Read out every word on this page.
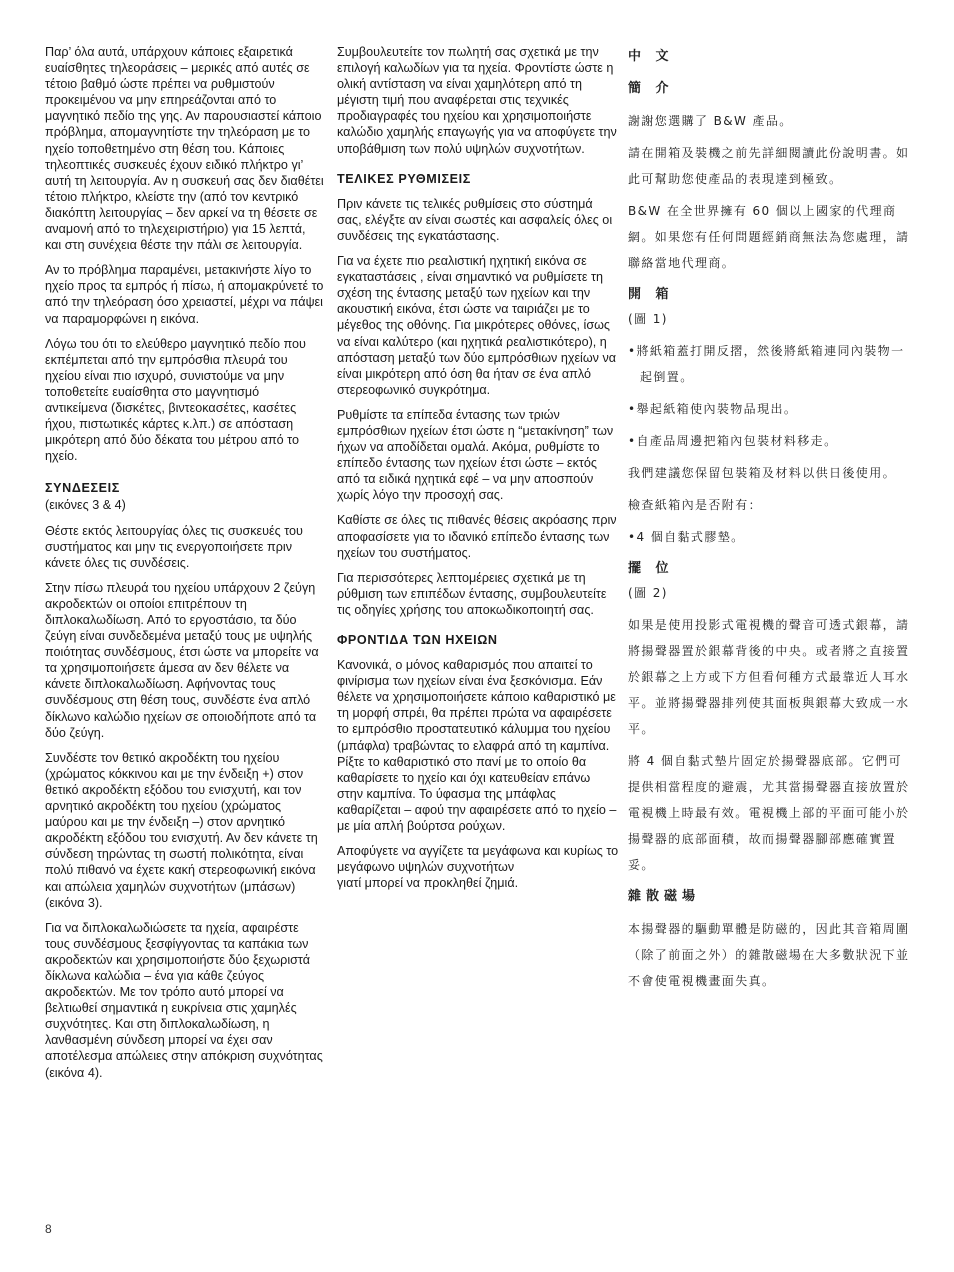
Παρ’ όλα αυτά, υπάρχουν κάποιες εξαιρετικά ευαίσθητες τηλεοράσεις – μερικές από αυτές σε τέτοιο βαθμό ώστε πρέπει να ρυθμιστούν προκειμένου να μην επηρεάζονται από το μαγνητικό πεδίο της γης. Αν παρουσιαστεί κάποιο πρόβλημα, απομαγνητίστε την τηλεόραση με το ηχείο τοποθετημένο στη θέση του. Κάποιες τηλεοπτικές συσκευές έχουν ειδικό πλήκτρο γι’ αυτή τη λειτουργία. Αν η συσκευή σας δεν διαθέτει τέτοιο πλήκτρο, κλείστε την (από τον κεντρικό διακόπτη λειτουργίας – δεν αρκεί να τη θέσετε σε αναμονή από το τηλεχειριστήριο) για 15 λεπτά, και στη συνέχεια θέστε την πάλι σε λειτουργία.

Αν το πρόβλημα παραμένει, μετακινήστε λίγο το ηχείο προς τα εμπρός ή πίσω, ή απομακρύνετέ το από την τηλεόραση όσο χρειαστεί, μέχρι να πάψει να παραμορφώνει η εικόνα.

Λόγω του ότι το ελεύθερο μαγνητικό πεδίο που εκπέμπεται από την εμπρόσθια πλευρά του ηχείου είναι πιο ισχυρό, συνιστούμε να μην τοποθετείτε ευαίσθητα στο μαγνητισμό αντικείμενα (δισκέτες, βιντεοκασέτες, κασέτες ήχου, πιστωτικές κάρτες κ.λπ.) σε απόσταση μικρότερη από δύο δέκατα του μέτρου από το ηχείο.

ΣΥΝΔΕΣΕΙΣ

(εικόνες 3 & 4)

Θέστε εκτός λειτουργίας όλες τις συσκευές του συστήματος και μην τις ενεργοποιήσετε πριν κάνετε όλες τις συνδέσεις.

Στην πίσω πλευρά του ηχείου υπάρχουν 2 ζεύγη ακροδεκτών οι οποίοι επιτρέπουν τη διπλοκαλωδίωση. Από το εργοστάσιο, τα δύο ζεύγη είναι συνδεδεμένα μεταξύ τους με υψηλής ποιότητας συνδέσμους, έτσι ώστε να μπορείτε να τα χρησιμοποιήσετε άμεσα αν δεν θέλετε να κάνετε διπλοκαλωδίωση. Αφήνοντας τους συνδέσμους στη θέση τους, συνδέστε ένα απλό δίκλωνο καλώδιο ηχείων σε οποιοδήποτε από τα δύο ζεύγη.

Συνδέστε τον θετικό ακροδέκτη του ηχείου (χρώματος κόκκινου και με την ένδειξη +) στον θετικό ακροδέκτη εξόδου του ενισχυτή, και τον αρνητικό ακροδέκτη του ηχείου (χρώματος μαύρου και με την ένδειξη –) στον αρνητικό ακροδέκτη εξόδου του ενισχυτή. Αν δεν κάνετε τη σύνδεση τηρώντας τη σωστή πολικότητα, είναι πολύ πιθανό να έχετε κακή στερεοφωνική εικόνα και απώλεια χαμηλών συχνοτήτων (μπάσων) (εικόνα 3).

Για να διπλοκαλωδιώσετε τα ηχεία, αφαιρέστε τους συνδέσμους ξεσφίγγοντας τα καπάκια των ακροδεκτών και χρησιμοποιήστε δύο ξεχωριστά δίκλωνα καλώδια – ένα για κάθε ζεύγος ακροδεκτών. Με τον τρόπο αυτό μπορεί να βελτιωθεί σημαντικά η ευκρίνεια στις χαμηλές συχνότητες. Και στη διπλοκαλωδίωση, η λανθασμένη σύνδεση μπορεί να έχει σαν αποτέλεσμα απώλειες στην απόκριση συχνότητας (εικόνα 4).

Συμβουλευτείτε τον πωλητή σας σχετικά με την επιλογή καλωδίων για τα ηχεία. Φροντίστε ώστε η ολική αντίσταση να είναι χαμηλότερη από τη μέγιστη τιμή που αναφέρεται στις τεχνικές προδιαγραφές του ηχείου και χρησιμοποιήστε καλώδιο χαμηλής επαγωγής για να αποφύγετε την υποβάθμιση των πολύ υψηλών συχνοτήτων.

ΤΕΛΙΚΕΣ ΡΥΘΜΙΣΕΙΣ

Πριν κάνετε τις τελικές ρυθμίσεις στο σύστημά σας, ελέγξτε αν είναι σωστές και ασφαλείς όλες οι συνδέσεις της εγκατάστασης.

Για να έχετε πιο ρεαλιστική ηχητική εικόνα σε εγκαταστάσεις , είναι σημαντικό να ρυθμίσετε τη σχέση της έντασης μεταξύ των ηχείων και την ακουστική εικόνα, έτσι ώστε να ταιριάζει με το μέγεθος της οθόνης. Για μικρότερες οθόνες, ίσως να είναι καλύτερο (και ηχητικά ρεαλιστικότερο), η απόσταση μεταξύ των δύο εμπρόσθιων ηχείων να είναι μικρότερη από όση θα ήταν σε ένα απλό στερεοφωνικό συγκρότημα.

Ρυθμίστε τα επίπεδα έντασης των τριών εμπρόσθιων ηχείων έτσι ώστε η “μετακίνηση” των ήχων να αποδίδεται ομαλά. Ακόμα, ρυθμίστε το επίπεδο έντασης των ηχείων έτσι ώστε – εκτός από τα ειδικά ηχητικά εφέ – να μην αποσπούν χωρίς λόγο την προσοχή σας.

Καθίστε σε όλες τις πιθανές θέσεις ακρόασης πριν αποφασίσετε για το ιδανικό επίπεδο έντασης των ηχείων του συστήματος.

Για περισσότερες λεπτομέρειες σχετικά με τη ρύθμιση των επιπέδων έντασης, συμβουλευτείτε τις οδηγίες χρήσης του αποκωδικοποιητή σας.

ΦΡΟΝΤΙΔΑ ΤΩΝ ΗΧΕΙΩΝ

Κανονικά, ο μόνος καθαρισμός που απαιτεί το φινίρισμα των ηχείων είναι ένα ξεσκόνισμα. Εάν θέλετε να χρησιμοποιήσετε κάποιο καθαριστικό με τη μορφή σπρέι, θα πρέπει πρώτα να αφαιρέσετε το εμπρόσθιο προστατευτικό κάλυμμα του ηχείου (μπάφλα) τραβώντας το ελαφρά από τη καμπίνα. Ρίξτε το καθαριστικό στο πανί με το οποίο θα καθαρίσετε το ηχείο και όχι κατευθείαν επάνω στην καμπίνα. Το ύφασμα της μπάφλας καθαρίζεται – αφού την αφαιρέσετε από το ηχείο – με μία απλή βούρτσα ρούχων.

Αποφύγετε να αγγίζετε τα μεγάφωνα και κυρίως το μεγάφωνο υψηλών συχνοτήτων
γιατί μπορεί να προκληθεί ζημιά.

中 文
簡 介

謝謝您選購了 B&W 產品。

請在開箱及裝機之前先詳細閱讀此份說明書。如此可幫助您使產品的表現達到極致。

B&W 在全世界擁有 60 個以上國家的代理商網。如果您有任何問題經銷商無法為您處理，請聯絡當地代理商。

開 箱

(圖 1)

•將紙箱蓋打開反摺，然後將紙箱連同內裝物一起倒置。

•舉起紙箱使內裝物品現出。

•自產品周邊把箱內包裝材料移走。

我們建議您保留包裝箱及材料以供日後使用。

檢查紙箱內是否附有：

•4 個自黏式膠墊。

擺 位

(圖 2)

如果是使用投影式電視機的聲音可透式銀幕，請將揚聲器置於銀幕背後的中央。或者將之直接置於銀幕之上方或下方但看何種方式最靠近人耳水平。並將揚聲器排列使其面板與銀幕大致成一水平。

將 4 個自黏式墊片固定於揚聲器底部。它們可提供相當程度的避震，尤其當揚聲器直接放置於電視機上時最有效。電視機上部的平面可能小於揚聲器的底部面積，故而揚聲器腳部應確實置妥。

雜散磁場

本揚聲器的驅動單體是防磁的，因此其音箱周圍（除了前面之外）的雜散磁場在大多數狀況下並不會使電視機畫面失真。

8
